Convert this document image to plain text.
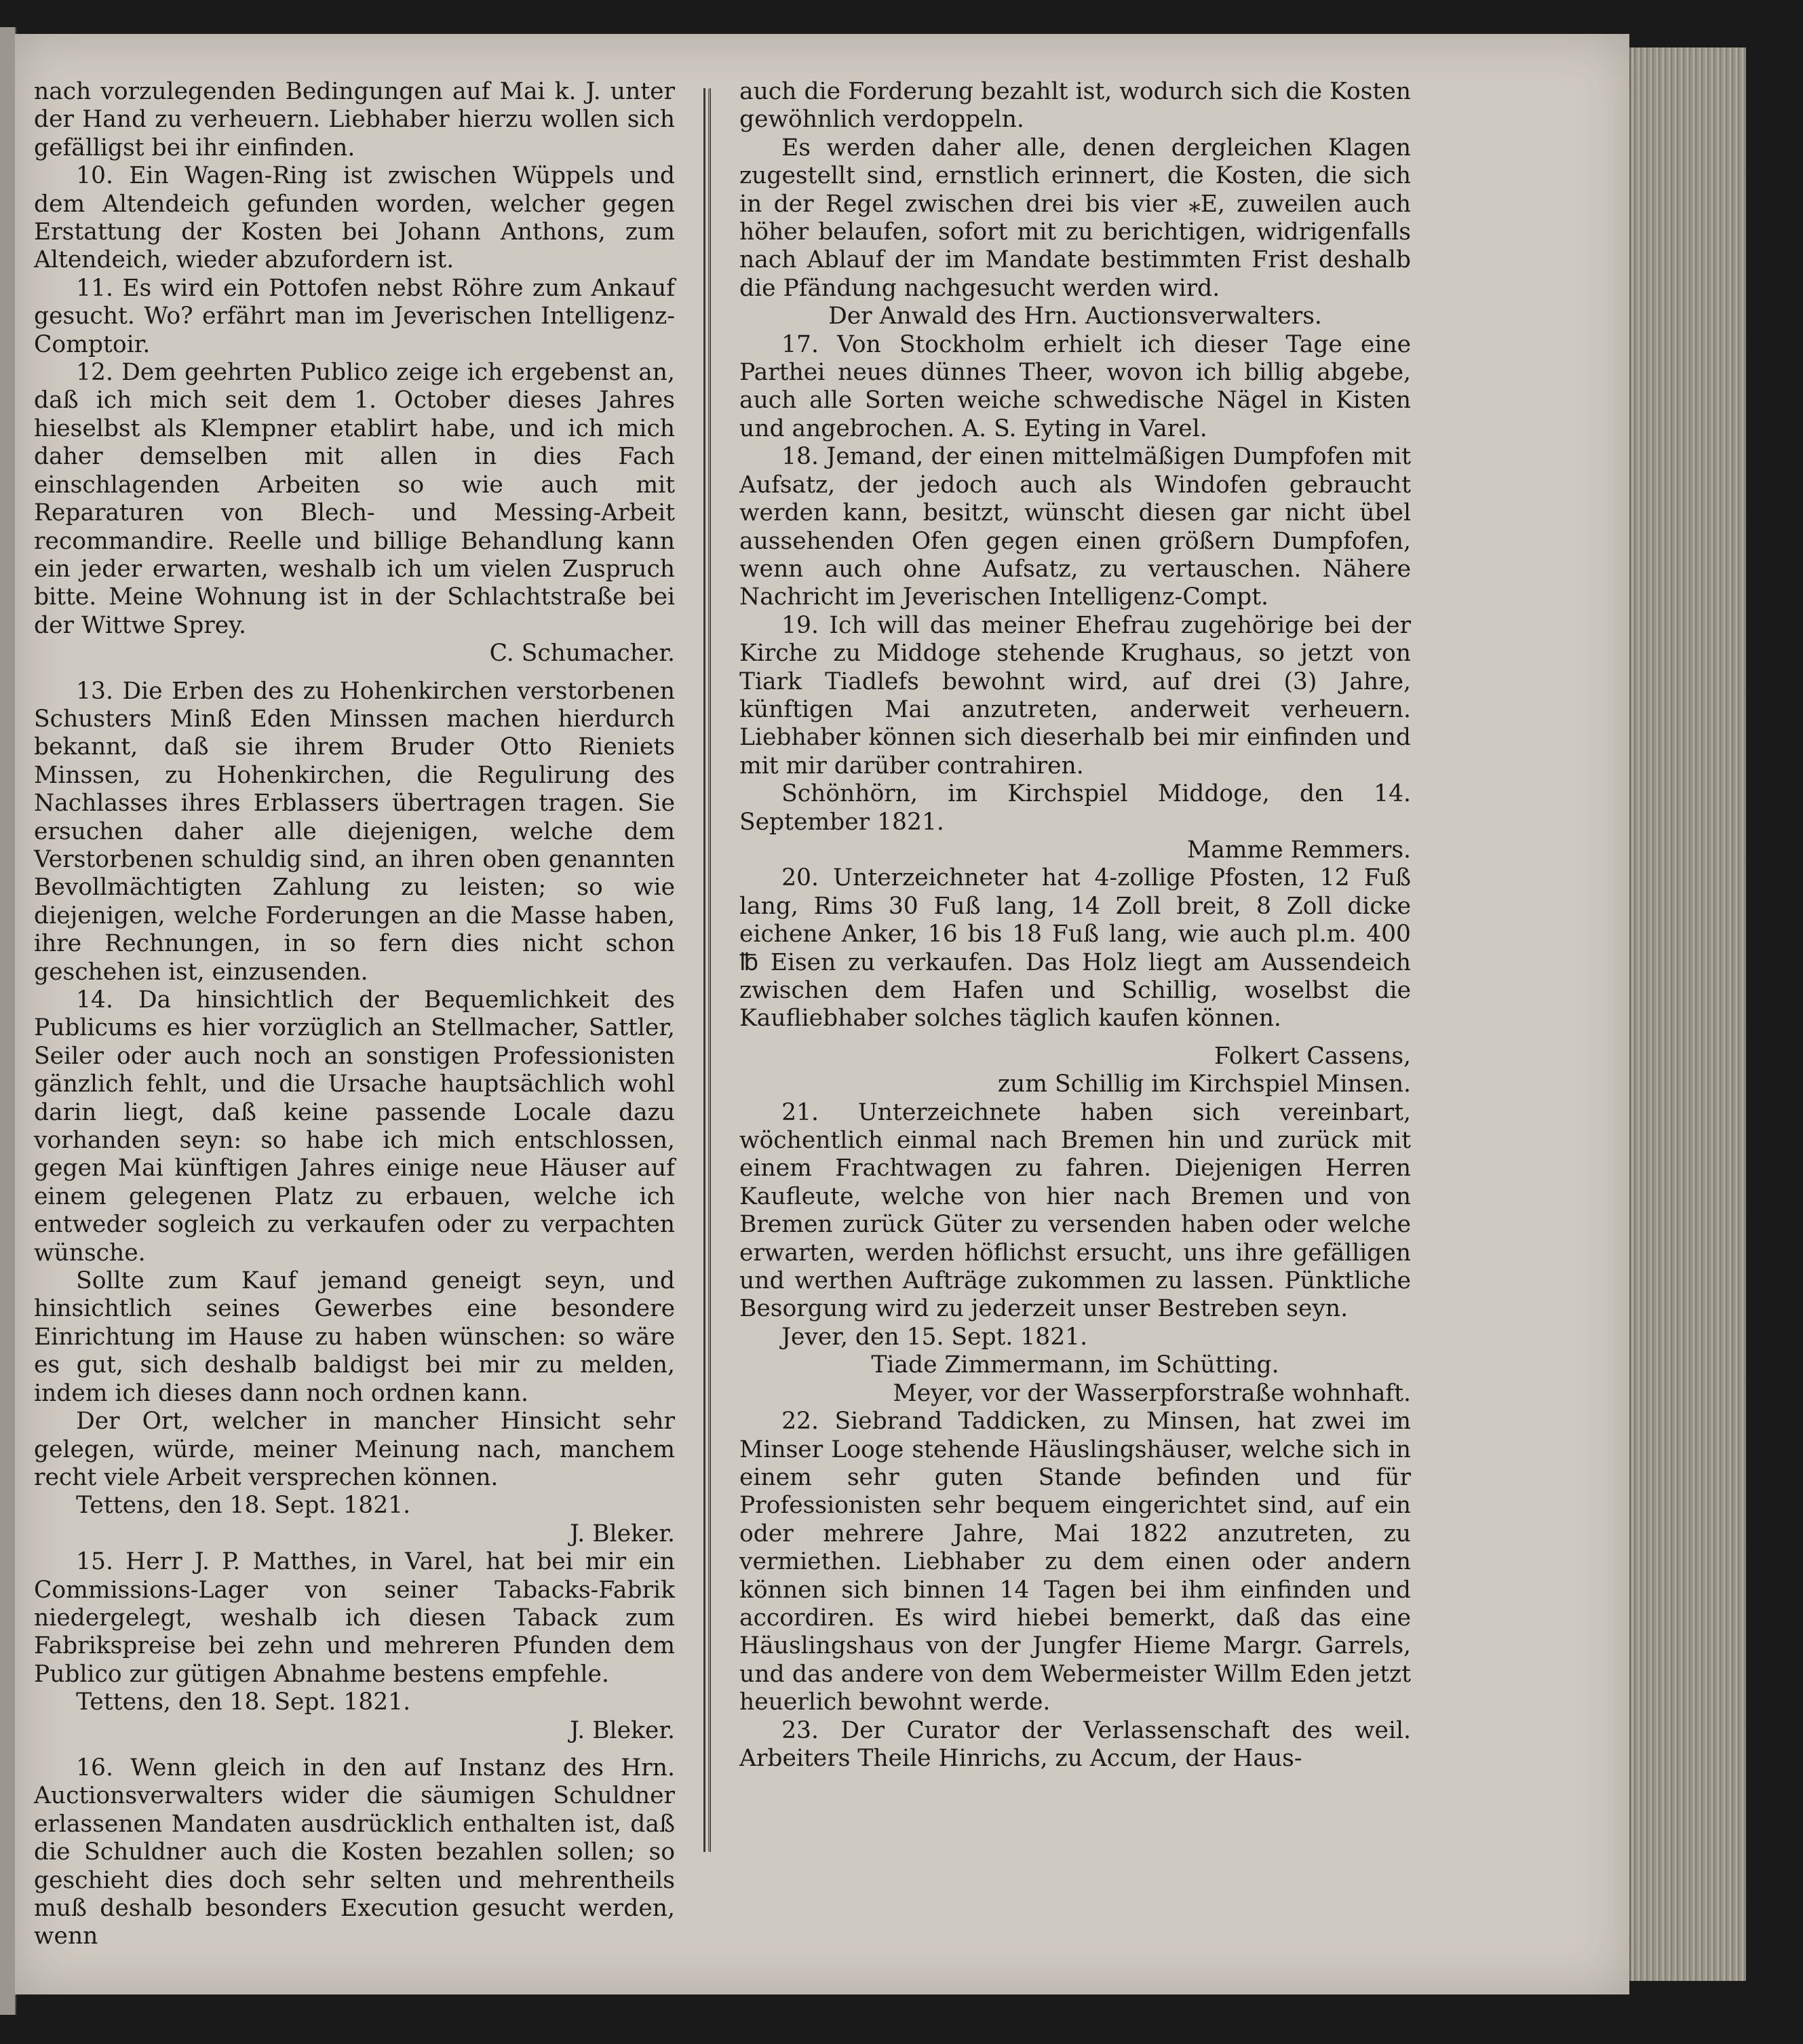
nach vorzulegenden Bedingungen auf Mai k. J. unter der Hand zu verheuern. Liebhaber hierzu wollen sich gefälligst bei ihr einfinden.

10. Ein Wagen-Ring ist zwischen Wüppels und dem Altendeich gefunden worden, welcher gegen Erstattung der Kosten bei Johann Anthons, zum Altendeich, wieder abzufordern ist.

11. Es wird ein Pottofen nebst Röhre zum Ankauf gesucht. Wo? erfährt man im Jeverischen Intelligenz-Comptoir.

12. Dem geehrten Publico zeige ich ergebenst an, daß ich mich seit dem 1. October dieses Jahres hieselbst als Klempner etablirt habe, und ich mich daher demselben mit allen in dies Fach einschlagenden Arbeiten so wie auch mit Reparaturen von Blech- und Messing-Arbeit recommandire. Reelle und billige Behandlung kann ein jeder erwarten, weshalb ich um vielen Zuspruch bitte. Meine Wohnung ist in der Schlachtstraße bei der Wittwe Sprey.

C. Schumacher.

13. Die Erben des zu Hohenkirchen verstorbenen Schusters Minß Eden Minssen machen hierdurch bekannt, daß sie ihrem Bruder Otto Rieniets Minssen, zu Hohenkirchen, die Regulirung des Nachlasses ihres Erblassers übertragen tragen. Sie ersuchen daher alle diejenigen, welche dem Verstorbenen schuldig sind, an ihren oben genannten Bevollmächtigten Zahlung zu leisten; so wie diejenigen, welche Forderungen an die Masse haben, ihre Rechnungen, in so fern dies nicht schon geschehen ist, einzusenden.

14. Da hinsichtlich der Bequemlichkeit des Publicums es hier vorzüglich an Stellmacher, Sattler, Seiler oder auch noch an sonstigen Professionisten gänzlich fehlt, und die Ursache hauptsächlich wohl darin liegt, daß keine passende Locale dazu vorhanden seyn: so habe ich mich entschlossen, gegen Mai künftigen Jahres einige neue Häuser auf einem gelegenen Platz zu erbauen, welche ich entweder sogleich zu verkaufen oder zu verpachten wünsche.

Sollte zum Kauf jemand geneigt seyn, und hinsichtlich seines Gewerbes eine besondere Einrichtung im Hause zu haben wünschen: so wäre es gut, sich deshalb baldigst bei mir zu melden, indem ich dieses dann noch ordnen kann.

Der Ort, welcher in mancher Hinsicht sehr gelegen, würde, meiner Meinung nach, manchem recht viele Arbeit versprechen können.

Tettens, den 18. Sept. 1821.

J. Bleker.

15. Herr J. P. Matthes, in Varel, hat bei mir ein Commissions-Lager von seiner Tabacks-Fabrik niedergelegt, weshalb ich diesen Taback zum Fabrikspreise bei zehn und mehreren Pfunden dem Publico zur gütigen Abnahme bestens empfehle.

Tettens, den 18. Sept. 1821.

J. Bleker.

16. Wenn gleich in den auf Instanz des Hrn. Auctionsverwalters wider die säumigen Schuldner erlassenen Mandaten ausdrücklich enthalten ist, daß die Schuldner auch die Kosten bezahlen sollen; so geschieht dies doch sehr selten und mehrentheils muß deshalb besonders Execution gesucht werden, wenn

auch die Forderung bezahlt ist, wodurch sich die Kosten gewöhnlich verdoppeln.

Es werden daher alle, denen dergleichen Klagen zugestellt sind, ernstlich erinnert, die Kosten, die sich in der Regel zwischen drei bis vier ⁎E, zuweilen auch höher belaufen, sofort mit zu berichtigen, widrigenfalls nach Ablauf der im Mandate bestimmten Frist deshalb die Pfändung nachgesucht werden wird.

Der Anwald des Hrn. Auctionsverwalters.

17. Von Stockholm erhielt ich dieser Tage eine Parthei neues dünnes Theer, wovon ich billig abgebe, auch alle Sorten weiche schwedische Nägel in Kisten und angebrochen. A. S. Eyting in Varel.

18. Jemand, der einen mittelmäßigen Dumpfofen mit Aufsatz, der jedoch auch als Windofen gebraucht werden kann, besitzt, wünscht diesen gar nicht übel aussehenden Ofen gegen einen größern Dumpfofen, wenn auch ohne Aufsatz, zu vertauschen. Nähere Nachricht im Jeverischen Intelligenz-Compt.

19. Ich will das meiner Ehefrau zugehörige bei der Kirche zu Middoge stehende Krughaus, so jetzt von Tiark Tiadlefs bewohnt wird, auf drei (3) Jahre, künftigen Mai anzutreten, anderweit verheuern. Liebhaber können sich dieserhalb bei mir einfinden und mit mir darüber contrahiren.

Schönhörn, im Kirchspiel Middoge, den 14. September 1821.

Mamme Remmers.

20. Unterzeichneter hat 4-zollige Pfosten, 12 Fuß lang, Rims 30 Fuß lang, 14 Zoll breit, 8 Zoll dicke eichene Anker, 16 bis 18 Fuß lang, wie auch pl.m. 400 ℔ Eisen zu verkaufen. Das Holz liegt am Aussendeich zwischen dem Hafen und Schillig, woselbst die Kaufliebhaber solches täglich kaufen können.

Folkert Cassens,

zum Schillig im Kirchspiel Minsen.

21. Unterzeichnete haben sich vereinbart, wöchentlich einmal nach Bremen hin und zurück mit einem Frachtwagen zu fahren. Diejenigen Herren Kaufleute, welche von hier nach Bremen und von Bremen zurück Güter zu versenden haben oder welche erwarten, werden höflichst ersucht, uns ihre gefälligen und werthen Aufträge zukommen zu lassen. Pünktliche Besorgung wird zu jederzeit unser Bestreben seyn.

Jever, den 15. Sept. 1821.

Tiade Zimmermann, im Schütting.

Meyer, vor der Wasserpforstraße wohnhaft.

22. Siebrand Taddicken, zu Minsen, hat zwei im Minser Looge stehende Häuslingshäuser, welche sich in einem sehr guten Stande befinden und für Professionisten sehr bequem eingerichtet sind, auf ein oder mehrere Jahre, Mai 1822 anzutreten, zu vermiethen. Liebhaber zu dem einen oder andern können sich binnen 14 Tagen bei ihm einfinden und accordiren. Es wird hiebei bemerkt, daß das eine Häuslingshaus von der Jungfer Hieme Margr. Garrels, und das andere von dem Webermeister Willm Eden jetzt heuerlich bewohnt werde.

23. Der Curator der Verlassenschaft des weil. Arbeiters Theile Hinrichs, zu Accum, der Haus-
